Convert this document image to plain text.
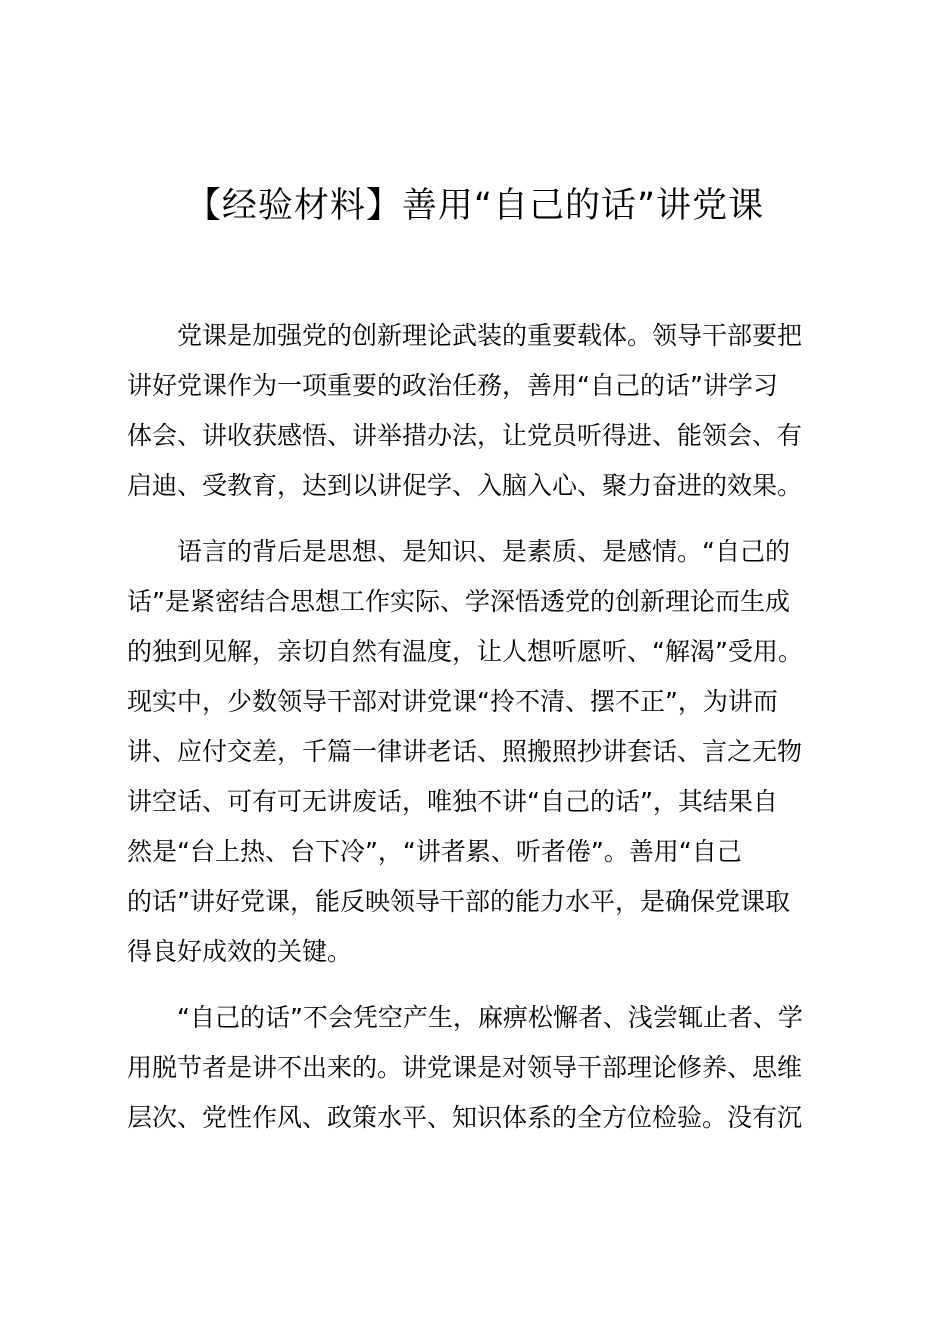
【经验材料】善用“自己的话”讲党课

党课是加强党的创新理论武装的重要载体。领导干部要把
讲好党课作为一项重要的政治任務，善用“自己的话”讲学习
体会、讲收获感悟、讲举措办法，让党员听得进、能领会、有
启迪、受教育，达到以讲促学、入脑入心、聚力奋进的效果。

语言的背后是思想、是知识、是素质、是感情。“自己的
话”是紧密结合思想工作实际、学深悟透党的创新理论而生成
的独到见解，亲切自然有温度，让人想听愿听、“解渴”受用。
现实中，少数领导干部对讲党课“拎不清、摆不正”，为讲而
讲、应付交差，千篇一律讲老话、照搬照抄讲套话、言之无物
讲空话、可有可无讲废话，唯独不讲“自己的话”，其结果自
然是“台上热、台下冷”，“讲者累、听者倦”。善用“自己
的话”讲好党课，能反映领导干部的能力水平，是确保党课取
得良好成效的关键。

“自己的话”不会凭空产生，麻痹松懈者、浅尝辄止者、学
用脱节者是讲不出来的。讲党课是对领导干部理论修养、思维
层次、党性作风、政策水平、知识体系的全方位检验。没有沉
